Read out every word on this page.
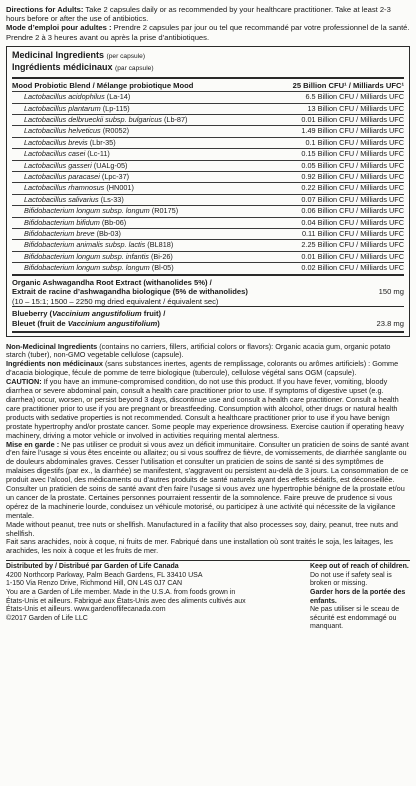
Directions for Adults: Take 2 capsules daily or as recommended by your healthcare practitioner. Take at least 2-3 hours before or after the use of antibiotics.
Mode d’emploi pour adultes : Prendre 2 capsules par jour ou tel que recommandé par votre professionnel de la santé. Prendre 2 à 3 heures avant ou après la prise d’antibiotiques.
Medicinal Ingredients (per capsule)
Ingrédients médicinaux (par capsule)
Mood Probiotic Blend / Mélange probiotique Mood	25 Billion CFU¹ / Milliards UFC¹
Lactobacillus acidophilus (La-14)	6.5 Billion CFU / Milliards UFC
Lactobacillus plantarum (Lp-115)	13 Billion CFU / Milliards UFC
Lactobacillus delbrueckii subsp. bulgaricus (Lb-87)	0.01 Billion CFU / Milliards UFC
Lactobacillus helveticus (R0052)	1.49 Billion CFU / Milliards UFC
Lactobacillus brevis (Lbr-35)	0.1 Billion CFU / Milliards UFC
Lactobacillus casei (Lc-11)	0.15 Billion CFU / Milliards UFC
Lactobacillus gasseri (UALg-05)	0.05 Billion CFU / Milliards UFC
Lactobacillus paracasei (Lpc-37)	0.92 Billion CFU / Milliards UFC
Lactobacillus rhamnosus (HN001)	0.22 Billion CFU / Milliards UFC
Lactobacillus salivarius (Ls-33)	0.07 Billion CFU / Milliards UFC
Bifidobacterium longum subsp. longum (R0175)	0.06 Billion CFU / Milliards UFC
Bifidobacterium bifidum (Bb-06)	0.04 Billion CFU / Milliards UFC
Bifidobacterium breve (Bb-03)	0.11 Billion CFU / Milliards UFC
Bifidobacterium animalis subsp. lactis (BL818)	2.25 Billion CFU / Milliards UFC
Bifidobacterium longum subsp. infantis (Bi-26)	0.01 Billion CFU / Milliards UFC
Bifidobacterium longum subsp. longum (Bl-05)	0.02 Billion CFU / Milliards UFC
Organic Ashwagandha Root Extract (withanolides 5%) /
Extrait de racine d’ashwagandha biologique (5% de withanolides)	150 mg
(10 – 15:1; 1500 – 2250 mg dried equivalent / équivalent sec)
Blueberry (Vaccinium angustifolium fruit) /
Bleuet (fruit de Vaccinium angustifolium)	23.8 mg

Non-Medicinal Ingredients (contains no carriers, fillers, artificial colors or flavors): Organic acacia gum, organic potato starch (tuber), non-GMO vegetable cellulose (capsule).

Ingrédients non médicinaux (sans substances inertes, agents de remplissage, colorants ou arômes artificiels) : Gomme d’acacia biologique, fécule de pomme de terre biologique (tubercule), cellulose végétal sans OGM (capsule).

CAUTION: If you have an immune-compromised condition, do not use this product. If you have fever, vomiting, bloody diarrhea or severe abdominal pain, consult a health care practitioner prior to use. If symptoms of digestive upset (e.g. diarrhea) occur, worsen, or persist beyond 3 days, discontinue use and consult a health care practitioner. Consult a health care practitioner prior to use if you are pregnant or breastfeeding. Consumption with alcohol, other drugs or natural health products with sedative properties is not recommended. Consult a healthcare practitioner prior to use if you have benign prostate hypertrophy and/or prostate cancer. Some people may experience drowsiness. Exercise caution if operating heavy machinery, driving a motor vehicle or involved in activities requiring mental alertness.

Mise en garde : Ne pas utiliser ce produit si vous avez un déficit immunitaire. Consulter un praticien de soins de santé avant d’en faire l’usage si vous êtes enceinte ou allaitez; ou si vous souffrez de fièvre, de vomissements, de diarrhée sanglante ou de douleurs abdominales graves. Cesser l’utilisation et consulter un praticien de soins de santé si des symptômes de malaises digestifs (par ex., la diarrhée) se manifestent, s’aggravent ou persistent au-delà de 3 jours. La consommation de ce produit avec l’alcool, des médicaments ou d’autres produits de santé naturels ayant des effets sédatifs, est déconseillée. Consulter un praticien de soins de santé avant d’en faire l’usage si vous avez une hypertrophie bénigne de la prostate et/ou un cancer de la prostate. Certaines personnes pourraient ressentir de la somnolence. Faire preuve de prudence si vous opérez de la machinerie lourde, conduisez un véhicule motorisé, ou participez à une activité qui nécessite de la vigilance mentale.

Made without peanut, tree nuts or shellfish. Manufactured in a facility that also processes soy, dairy, peanut, tree nuts and shellfish.

Fait sans arachides, noix à coque, ni fruits de mer. Fabriqué dans une installation où sont traités le soja, les laitages, les arachides, les noix à coque et les fruits de mer.

Distributed by / Distribué par Garden of Life Canada
4200 Northcorp Parkway, Palm Beach Gardens, FL 33410 USA
1-150 Via Renzo Drive, Richmond Hill, ON L4S 0J7 CAN
You are a Garden of Life member. Made in the U.S.A. from foods grown in
États-Unis et ailleurs. Fabriqué aux États-Unis avec des aliments cultivés aux
États-Unis et ailleurs. www.gardenoflifecanada.com
©2017 Garden of Life LLC
Keep out of reach of children.
Do not use if safety seal is broken or missing.
Garder hors de la portée des enfants.
Ne pas utiliser si le sceau de sécurité est endommagé ou manquant.
